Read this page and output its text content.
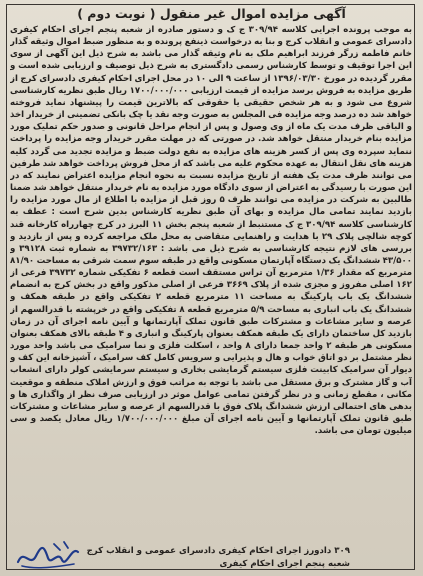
آگهی مزایده اموال غیر منقول ( نوبت دوم )
به موجب پرونده اجرایی کلاسه ۳۰۹/۹۴ ج ک و دستور صادره از شعبه پنجم اجرای احکام کیفری دادسرای عمومی و انقلاب کرج و بنا به درخواست ذینفع پرونده و به منظور ضبط اموال وثیقه گذار خانم فاطمه زرگر فرزند ابراهیم ملک به نام وثیقه گذار می باشد به شرح ذیل این آگهی از سوی این اجرا توقیف و توسط کارشناس رسمی دادگستری به شرح ذیل توصیف و ارزیابی شده است و مقرر گردیده در مورخ ۱۳۹۶/۰۳/۳۰ از ساعت ۹ الی ۱۰ در محل اجرای احکام کیفری دادسرای کرج از طریق مزایده به فروش برسد مزایده از قیمت ارزیابی ۱۷۰۰/۰۰۰/۰۰۰ ریال طبق نظریه کارشناسی شروع می شود و به هر شخص حقیقی یا حقوقی که بالاترین قیمت را پیشنهاد نماید فروخته خواهد شد ده درصد وجه مزایده فی المجلس به صورت وجه نقد یا چک بانکی تضمینی از خریدار اخذ و الباقی ظرف مدت یک ماه از وی وصول و پس از انجام مراحل قانونی و صدور حکم تملیک مورد مزایده بنام خریدار منتقل خواهد شد. در صورتی که در مهلت مقرر خریدار وجه مزایده را پرداخت ننماید سپرده وی پس از کسر هزینه های مزایده به نفع دولت ضبط و مزایده تجدید می گردد کلیه هزینه های نقل انتقال به عهده محکوم علیه می باشد که از محل فروش پرداخت خواهد شد طرفین می توانند ظرف مدت یک هفته از تاریخ مزایده نسبت به نحوه انجام مزایده اعتراض نمایند که در این صورت با رسیدگی به اعتراض از سوی دادگاه مورد مزایده به نام خریدار منتقل خواهد شد ضمنا طالبین به شرکت در مزایده می توانند ظرف ۵ روز قبل از مزایده با اطلاع از مال مورد مزایده را بازدید نمایند تمامی مال مزایده و بهای آن طبق نظریه کارشناس بدین شرح است : عطف به کارشناسی کلاسه ۳۰۹/۹۴ ج ک مستنبط از شعبه پنجم بخش ۱۱ البرز در کرج چهارراه کارخانه قند کوچه شالچی پلاک ۲۹ با هدایت و راهنمایی متقاضی به محل ملک مراجعه کرده و پس از بازدید و بررسی های لازم نتیجه کارشناسی به شرح ذیل می باشد : ۳۹۷۳۲/۱۶۳ به شماره ثبت ۳۹۱۲۸ و ۴۳/۵۰۰ ششدانگ یک دستگاه آپارتمان مسکونی واقع در طبقه سوم سمت شرقی به مساحت ۸۱/۹۰ مترمربع که مقدار ۱/۳۶ مترمربع آن تراس مستقف است قطعه ۶ تفکیکی شماره ۳۹۷۳۲ فرعی از ۱۶۲ اصلی مفروز و مجزی شده از پلاک ۳۶۶۹ فرعی از اصلی مذکور واقع در بخش کرج به انضمام ششدانگ یک باب پارکینگ به مساحت ۱۱ مترمربع قطعه ۲ تفکیکی واقع در طبقه همکف و ششدانگ یک باب انباری به مساحت ۵/۹ مترمربع قطعه ۸ تفکیکی واقع در خرپشته با قدرالسهم از عرصه و سایر مشاعات و مشترکات طبق قانون تملک آپارتمانها و آیین نامه اجرای آن در زمان بازدید کل ساختمان دارای یک طبقه همکف بعنوان پارکینگ و انباری و ۴ طبقه بالای همکف بعنوان مسکونی هر طبقه ۲ واحد جمعا دارای ۸ واحد ، اسکلت فلزی و نما سرامیک می باشد واحد مورد نظر مشتمل بر دو اتاق خواب و هال و پذیرایی و سرویس کامل کف سرامیک ، آشپزخانه این کف و دیوار آن سرامیک کابینت فلزی سیستم گرمایشی بخاری و سیستم سرمایشی کولر دارای انشعاب آب و گاز مشترک و برق مستقل می باشد با توجه به مراتب فوق و ارزش املاک منطقه و موقعیت مکانی ، مقطع زمانی و در نظر گرفتن تمامی عوامل موثر در ارزیابی صرف نظر از واگذاری ها و بدهی های احتمالی ارزش ششدانگ پلاک فوق با قدرالسهم از عرصه و سایر مشاعات و مشترکات طبق قانون تملک آپارتمانها و آیین نامه اجرای آن مبلغ ۱/۷۰۰/۰۰۰/۰۰۰ ریال معادل یکصد و سی میلیون تومان می باشد.
۳۰۹ دادورز اجرای احکام کیفری دادسرای عمومی و انقلاب کرج
شعبه پنجم اجرای احکام کیفری
